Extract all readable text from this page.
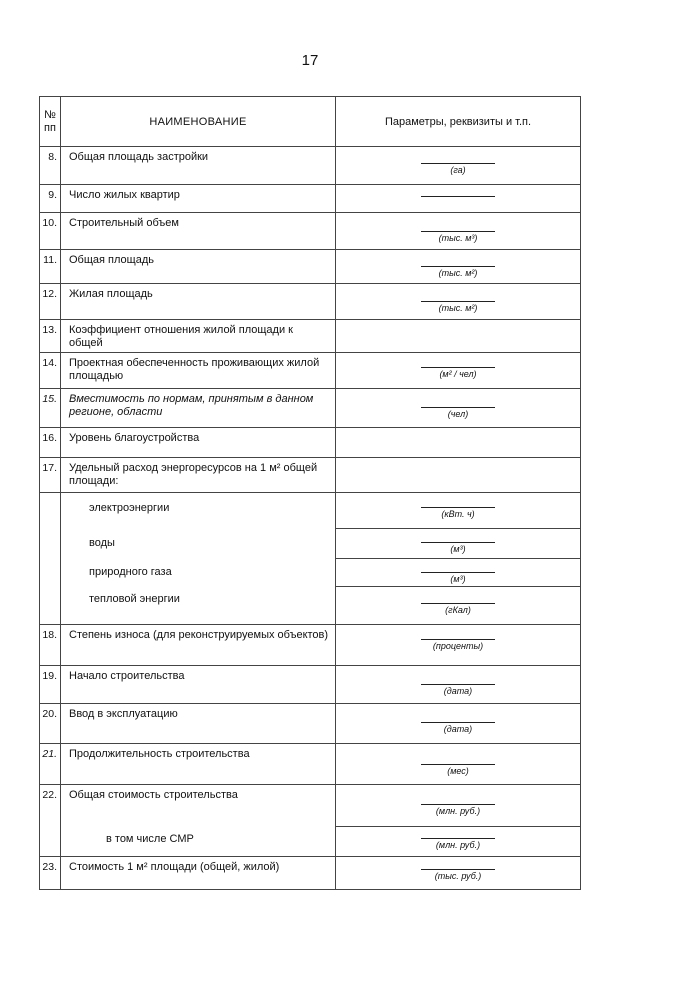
17
№ пп	НАИМЕНОВАНИЕ	Параметры, реквизиты и т.п.
8.	Общая площадь застройки	(га)

9.	Число жилых квартир	

10.	Строительный объем	(тыс. м³)

11.	Общая площадь	(тыс. м²)

12.	Жилая площадь	(тыс. м²)

13.	Коэффициент отношения жилой площади к общей	
14.	Проектная обеспеченность проживающих жилой площадью	(м² / чел)

15.	Вместимость по нормам, принятым в данном регионе, области	(чел)

16.	Уровень благоустройства	
17.	Удельный расход энергоресурсов на 1 м² общей площади:	
	электроэнергии	(кВт. ч)

	воды	(м³)

	природного газа	(м³)

	тепловой энергии	(гКал)

18.	Степень износа (для реконструируемых объектов)	(проценты)

19.	Начало строительства	(дата)

20.	Ввод в эксплуатацию	(дата)

21.	Продолжительность строительства	(мес)

22.	Общая стоимость строительства	(млн. руб.)

	в том числе СМР	(млн. руб.)

23.	Стоимость 1 м² площади (общей, жилой)	(тыс. руб.)
